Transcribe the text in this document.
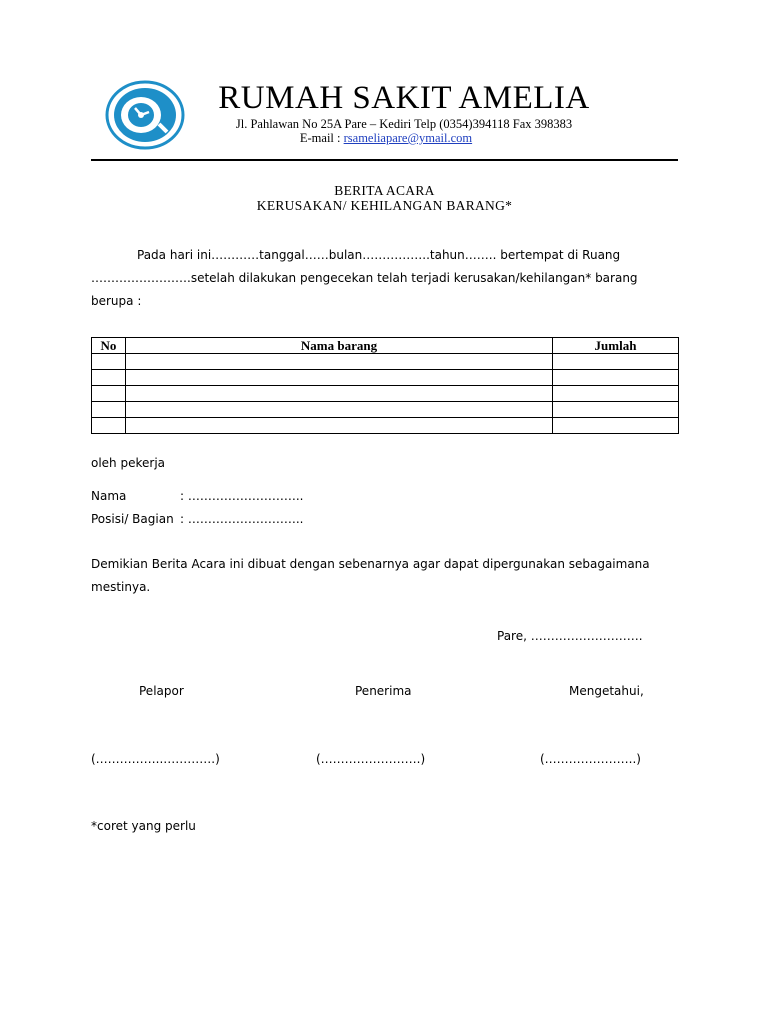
RUMAH SAKIT AMELIA
Jl. Pahlawan No 25A Pare – Kediri Telp (0354)394118 Fax 398383
E-mail : rsameliapare@ymail.com
BERITA ACARA
KERUSAKAN/ KEHILANGAN BARANG*
Pada hari ini…………tanggal……bulan……………..tahun…….. bertempat di Ruang
…………………….setelah dilakukan pengecekan telah terjadi kerusakan/kehilangan* barang
berupa :
No	Nama barang	Jumlah

oleh pekerja
Nama	: ………………………..
Posisi/ Bagian : ………………………..
Demikian Berita Acara ini dibuat dengan sebenarnya agar dapat dipergunakan sebagaimana
mestinya.
Pare, ……………………….
Pelapor	Penerima	Mengetahui,
(……………..………….)	(…………………….)	(…………………..)
*coret yang perlu
